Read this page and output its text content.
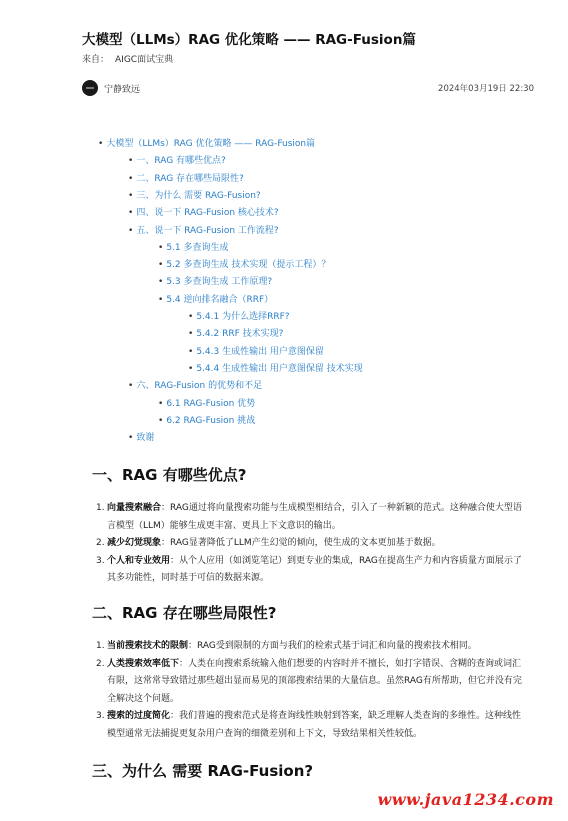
大模型（LLMs）RAG 优化策略 —— RAG-Fusion篇
来自： AIGC面试宝典
宁静致远	2024年03月19日 22:30
• 大模型（LLMs）RAG 优化策略 —— RAG-Fusion篇
• 一、RAG 有哪些优点?
• 二、RAG 存在哪些局限性?
• 三、为什么 需要 RAG-Fusion?
• 四、说一下 RAG-Fusion 核心技术?
• 五、说一下 RAG-Fusion 工作流程?
• 5.1 多查询生成
• 5.2 多查询生成 技术实现（提示工程）？
• 5.3 多查询生成 工作原理?
• 5.4 逆向排名融合（RRF）
• 5.4.1 为什么选择RRF?
• 5.4.2 RRF 技术实现?
• 5.4.3 生成性输出 用户意图保留
• 5.4.4 生成性输出 用户意图保留 技术实现
• 六、RAG-Fusion 的优势和不足
• 6.1 RAG-Fusion 优势
• 6.2 RAG-Fusion 挑战
• 致谢
一、RAG 有哪些优点?
1. 向量搜索融合：RAG通过将向量搜索功能与生成模型相结合，引入了一种新颖的范式。这种融合使大型语言模型（LLM）能够生成更丰富、更具上下文意识的输出。
2. 减少幻觉现象：RAG显著降低了LLM产生幻觉的倾向，使生成的文本更加基于数据。
3. 个人和专业效用：从个人应用（如浏览笔记）到更专业的集成，RAG在提高生产力和内容质量方面展示了其多功能性，同时基于可信的数据来源。
二、RAG 存在哪些局限性?
1. 当前搜索技术的限制：RAG受到限制的方面与我们的检索式基于词汇和向量的搜索技术相同。
2. 人类搜索效率低下：人类在向搜索系统输入他们想要的内容时并不擅长，如打字错误、含糊的查询或词汇有限，这常常导致错过那些超出显而易见的顶部搜索结果的大量信息。虽然RAG有所帮助，但它并没有完全解决这个问题。
3. 搜索的过度简化：我们普遍的搜索范式是将查询线性映射到答案，缺乏理解人类查询的多维性。这种线性模型通常无法捕捉更复杂用户查询的细微差别和上下文，导致结果相关性较低。
三、为什么 需要 RAG-Fusion?
www.java1234.com
